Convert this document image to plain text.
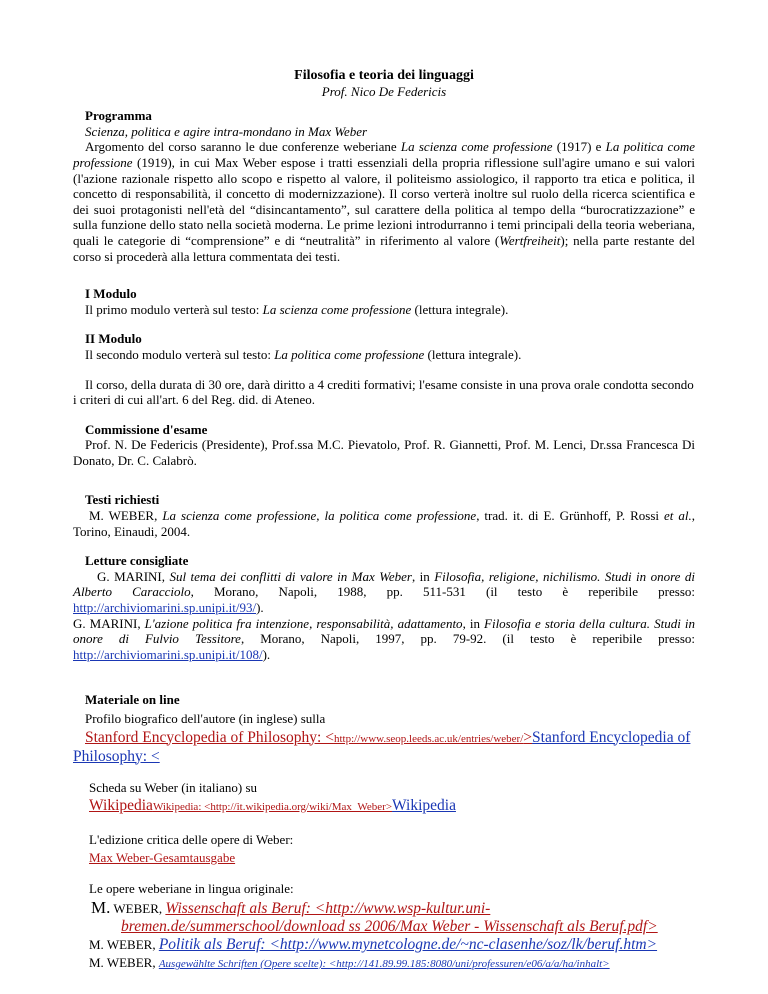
Filosofia e teoria dei linguaggi

Prof. Nico De Federicis

Programma

Scienza, politica e agire intra-mondano in Max Weber

Argomento del corso saranno le due conferenze weberiane La scienza come professione (1917) e La politica come professione (1919), in cui Max Weber espose i tratti essenziali della propria riflessione sull'agire umano e sui valori (l'azione razionale rispetto allo scopo e rispetto al valore, il politeismo assiologico, il rapporto tra etica e politica, il concetto di responsabilità, il concetto di modernizzazione). Il corso verterà inoltre sul ruolo della ricerca scientifica e dei suoi protagonisti nell'età del “disincantamento”, sul carattere della politica al tempo della “burocratizzazione” e sulla funzione dello stato nella società moderna. Le prime lezioni introdurranno i temi principali della teoria weberiana, quali le categorie di “comprensione” e di “neutralità” in riferimento al valore (Wertfreiheit); nella parte restante del corso si procederà alla lettura commentata dei testi.

I Modulo

Il primo modulo verterà sul testo: La scienza come professione (lettura integrale).

II Modulo

Il secondo modulo verterà sul testo: La politica come professione (lettura integrale).

Il corso, della durata di 30 ore, darà diritto a 4 crediti formativi; l'esame consiste in una prova orale condotta secondo i criteri di cui all'art. 6 del Reg. did. di Ateneo.

Commissione d'esame

Prof. N. De Federicis (Presidente), Prof.ssa M.C. Pievatolo, Prof. R. Giannetti, Prof. M. Lenci, Dr.ssa Francesca Di Donato, Dr. C. Calabrò.

Testi richiesti

M. WEBER, La scienza come professione, la politica come professione, trad. it. di E. Grünhoff, P. Rossi et al., Torino, Einaudi, 2004.

Letture consigliate

G. MARINI, Sul tema dei conflitti di valore in Max Weber, in Filosofia, religione, nichilismo. Studi in onore di Alberto Caracciolo, Morano, Napoli, 1988, pp. 511-531 (il testo è reperibile presso: http://archiviomarini.sp.unipi.it/93/).

G. MARINI, L'azione politica fra intenzione, responsabilità, adattamento, in Filosofia e storia della cultura. Studi in onore di Fulvio Tessitore, Morano, Napoli, 1997, pp. 79-92. (il testo è reperibile presso: http://archiviomarini.sp.unipi.it/108/).

Materiale on line

Profilo biografico dell'autore (in inglese) sulla

Stanford Encyclopedia of Philosophy: <http://www.seop.leeds.ac.uk/entries/weber/>Stanford Encyclopedia of Philosophy: <

Scheda su Weber (in italiano) su

WikipediaWikipedia: <http://it.wikipedia.org/wiki/Max_Weber>Wikipedia

L'edizione critica delle opere di Weber:

Max Weber-Gesamtausgabe

Le opere weberiane in lingua originale:

M. WEBER, Wissenschaft als Beruf: <http://www.wsp-kultur.uni-bremen.de/summerschool/download ss 2006/Max Weber - Wissenschaft als Beruf.pdf>

M. WEBER, Politik als Beruf: <http://www.mynetcologne.de/~nc-clasenhe/soz/lk/beruf.htm>

M. WEBER, Ausgewählte Schriften (Opere scelte): <http://141.89.99.185:8080/uni/professuren/e06/a/a/ha/inhalt>
